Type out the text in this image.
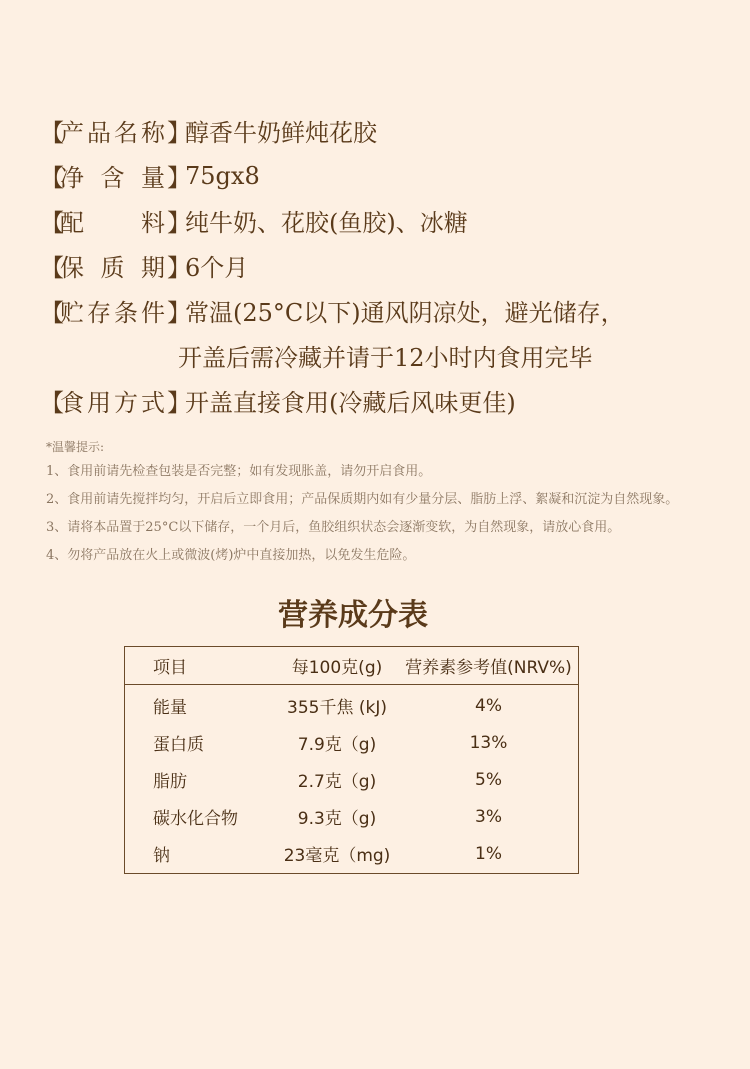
【
产 品 名 称 】
醇香牛奶鲜炖花胶
【
净 含 量 】
75gx8
【
配 料 】
纯牛奶、花胶(鱼胶)、冰糖
【
保 质 期 】
6个月
【
贮 存 条 件 】
常温(25°C以下)通风阴凉处，避光储存，
开盖后需冷藏并请于12小时内食用完毕
【
食 用 方 式 】
开盖直接食用(冷藏后风味更佳)
*温馨提示:
1、食用前请先检查包装是否完整；如有发现胀盖，请勿开启食用。
2、食用前请先搅拌均匀，开启后立即食用；产品保质期内如有少量分层、脂肪上浮、絮凝和沉淀为自然现象。
3、请将本品置于25°C以下储存，一个月后，鱼胶组织状态会逐渐变软，为自然现象，请放心食用。
4、勿将产品放在火上或微波(烤)炉中直接加热，以免发生危险。
营养成分表
项目	每100克(g)	营养素参考值(NRV%)
能量	355千焦 (kJ)	4%
蛋白质	7.9克（g)	13%
脂肪	2.7克（g)	5%
碳水化合物	9.3克（g)	3%
钠	23毫克（mg)	1%
